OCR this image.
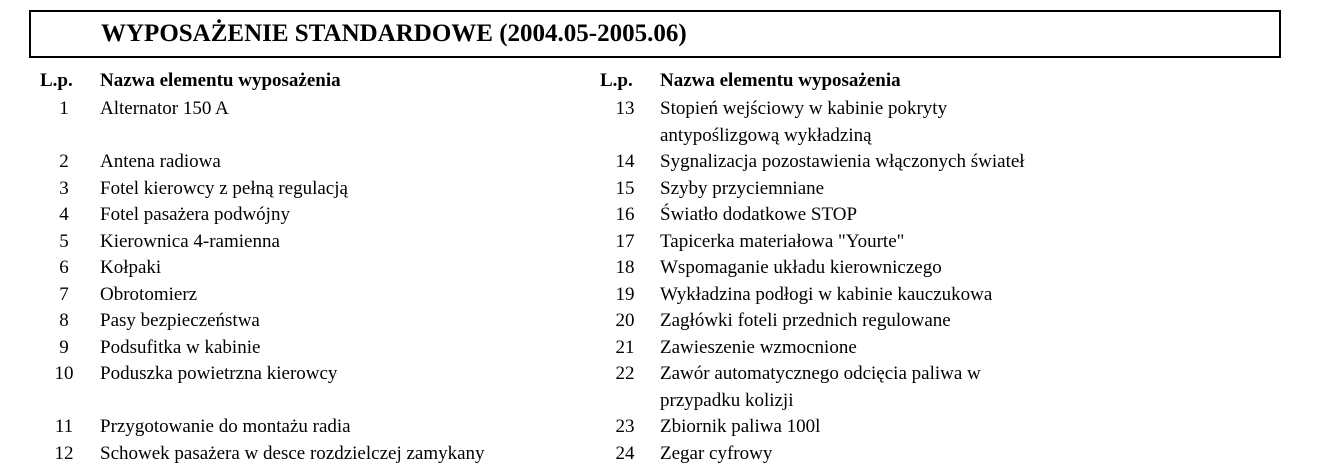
WYPOSAŻENIE STANDARDOWE (2004.05-2005.06)
L.p.	Nazwa elementu wyposażenia
1	Alternator 150 A
2	Antena radiowa
3	Fotel kierowcy z pełną regulacją
4	Fotel pasażera podwójny
5	Kierownica 4-ramienna
6	Kołpaki
7	Obrotomierz
8	Pasy bezpieczeństwa
9	Podsufitka w kabinie
10	Poduszka powietrzna kierowcy
11	Przygotowanie do montażu radia
12	Schowek pasażera w desce rozdzielczej zamykany
L.p.	Nazwa elementu wyposażenia
13	Stopień wejściowy w kabinie pokryty
antypoślizgową wykładziną
14	Sygnalizacja pozostawienia włączonych świateł
15	Szyby przyciemniane
16	Światło dodatkowe STOP
17	Tapicerka materiałowa "Yourte"
18	Wspomaganie układu kierowniczego
19	Wykładzina podłogi w kabinie kauczukowa
20	Zagłówki foteli przednich regulowane
21	Zawieszenie wzmocnione
22	Zawór automatycznego odcięcia paliwa w
przypadku kolizji
23	Zbiornik paliwa 100l
24	Zegar cyfrowy
